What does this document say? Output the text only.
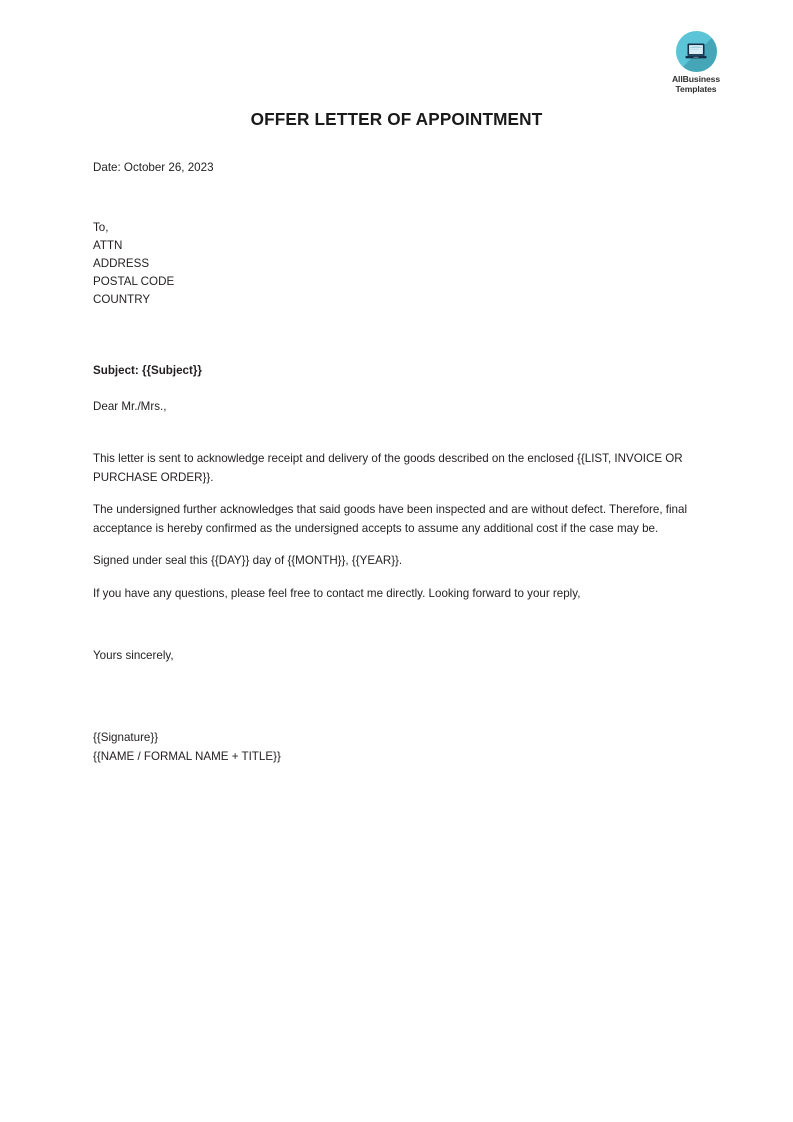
AllBusiness
Templates
OFFER LETTER OF APPOINTMENT

Date: October 26, 2023

To,
ATTN
ADDRESS
POSTAL CODE
COUNTRY

Subject: {{Subject}}

Dear Mr./Mrs.,

This letter is sent to acknowledge receipt and delivery of the goods described on the enclosed {{LIST, INVOICE OR PURCHASE ORDER}}.

The undersigned further acknowledges that said goods have been inspected and are without defect. Therefore, final acceptance is hereby confirmed as the undersigned accepts to assume any additional cost if the case may be.

Signed under seal this {{DAY}} day of {{MONTH}}, {{YEAR}}.

If you have any questions, please feel free to contact me directly. Looking forward to your reply,

Yours sincerely,

{{Signature}}
{{NAME / FORMAL NAME + TITLE}}
